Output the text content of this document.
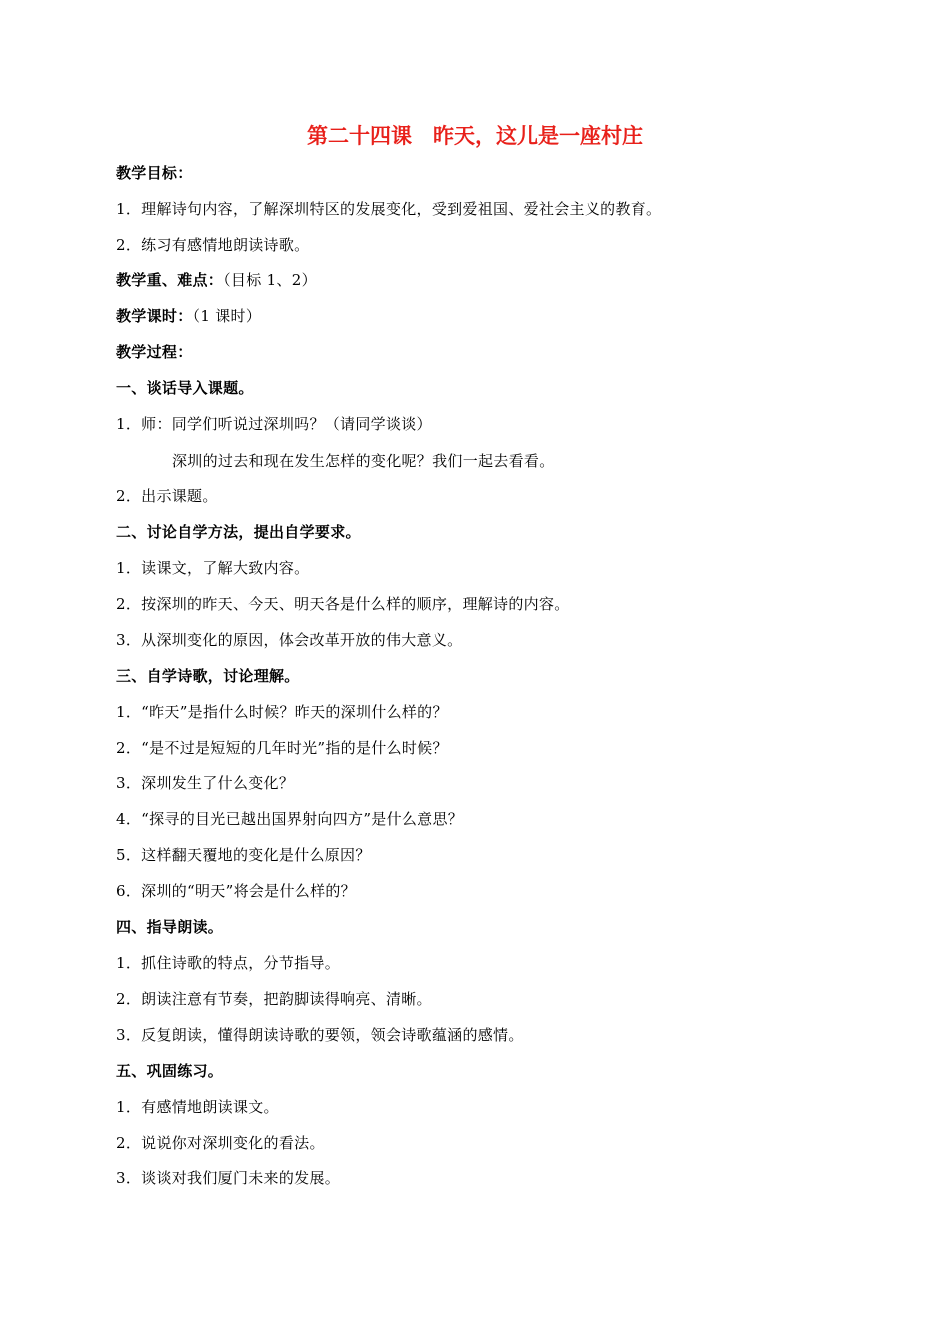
第二十四课　昨天，这儿是一座村庄
教学目标：
1．理解诗句内容，了解深圳特区的发展变化，受到爱祖国、爱社会主义的教育。
2．练习有感情地朗读诗歌。
教学重、难点：（目标 1、2）
教学课时：（1 课时）
教学过程：
一、谈话导入课题。
1．师：同学们听说过深圳吗？（请同学谈谈）
深圳的过去和现在发生怎样的变化呢？我们一起去看看。
2．出示课题。
二、讨论自学方法，提出自学要求。
1．读课文，了解大致内容。
2．按深圳的昨天、今天、明天各是什么样的顺序，理解诗的内容。
3．从深圳变化的原因，体会改革开放的伟大意义。
三、自学诗歌，讨论理解。
1．“昨天”是指什么时候？昨天的深圳什么样的？
2．“是不过是短短的几年时光”指的是什么时候？
3．深圳发生了什么变化？
4．“探寻的目光已越出国界射向四方”是什么意思？
5．这样翻天覆地的变化是什么原因？
6．深圳的“明天”将会是什么样的？
四、指导朗读。
1．抓住诗歌的特点，分节指导。
2．朗读注意有节奏，把韵脚读得响亮、清晰。
3．反复朗读，懂得朗读诗歌的要领，领会诗歌蕴涵的感情。
五、巩固练习。
1．有感情地朗读课文。
2．说说你对深圳变化的看法。
3．谈谈对我们厦门未来的发展。
